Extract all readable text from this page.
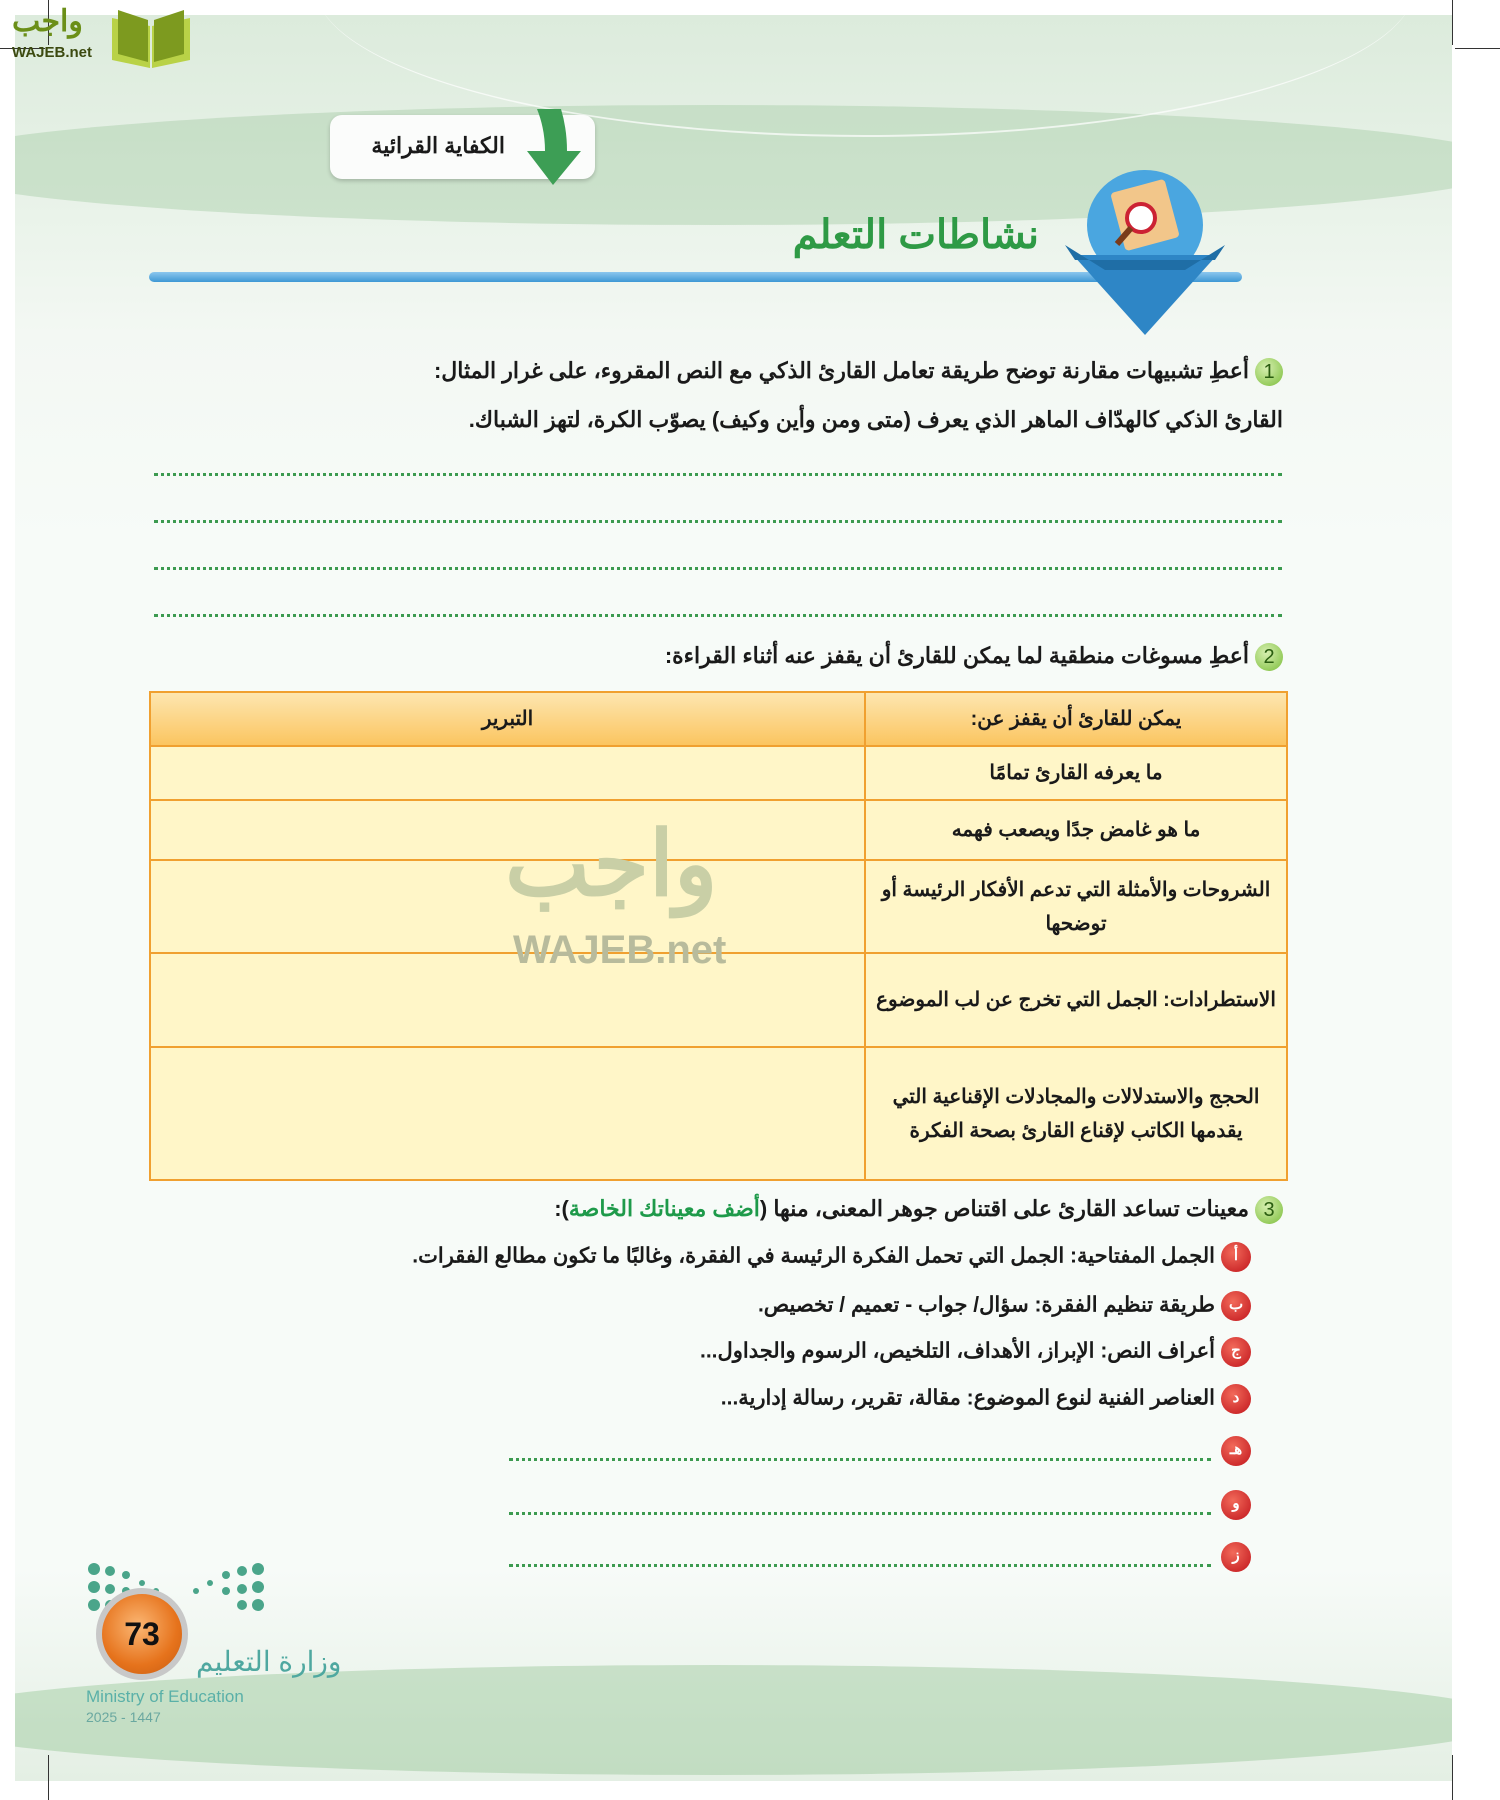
واجب
WAJEB.net
الكفاية القرائية
نشاطات التعلم
1أعطِ تشبيهات مقارنة توضح طريقة تعامل القارئ الذكي مع النص المقروء، على غرار المثال:
القارئ الذكي كالهدّاف الماهر الذي يعرف (متى ومن وأين وكيف) يصوّب الكرة، لتهز الشباك.
2أعطِ مسوغات منطقية لما يمكن للقارئ أن يقفز عنه أثناء القراءة:
يمكن للقارئ أن يقفز عن:	التبرير
ما يعرفه القارئ تمامًا	
ما هو غامض جدًا ويصعب فهمه	
الشروحات والأمثلة التي تدعم الأفكار الرئيسة أو توضحها	
الاستطرادات: الجمل التي تخرج عن لب الموضوع	
الحجج والاستدلالات والمجادلات الإقناعية التي يقدمها الكاتب لإقناع القارئ بصحة الفكرة	
واجب
WAJEB.net
3معينات تساعد القارئ على اقتناص جوهر المعنى، منها (أضف معيناتك الخاصة):
أالجمل المفتاحية: الجمل التي تحمل الفكرة الرئيسة في الفقرة، وغالبًا ما تكون مطالع الفقرات.
بطريقة تنظيم الفقرة: سؤال/ جواب - تعميم / تخصيص.
جأعراف النص: الإبراز، الأهداف، التلخيص، الرسوم والجداول...
دالعناصر الفنية لنوع الموضوع: مقالة، تقرير، رسالة إدارية...
هـ
و
ز
وزارة التعليم
Ministry of Education
2025 - 1447
73
